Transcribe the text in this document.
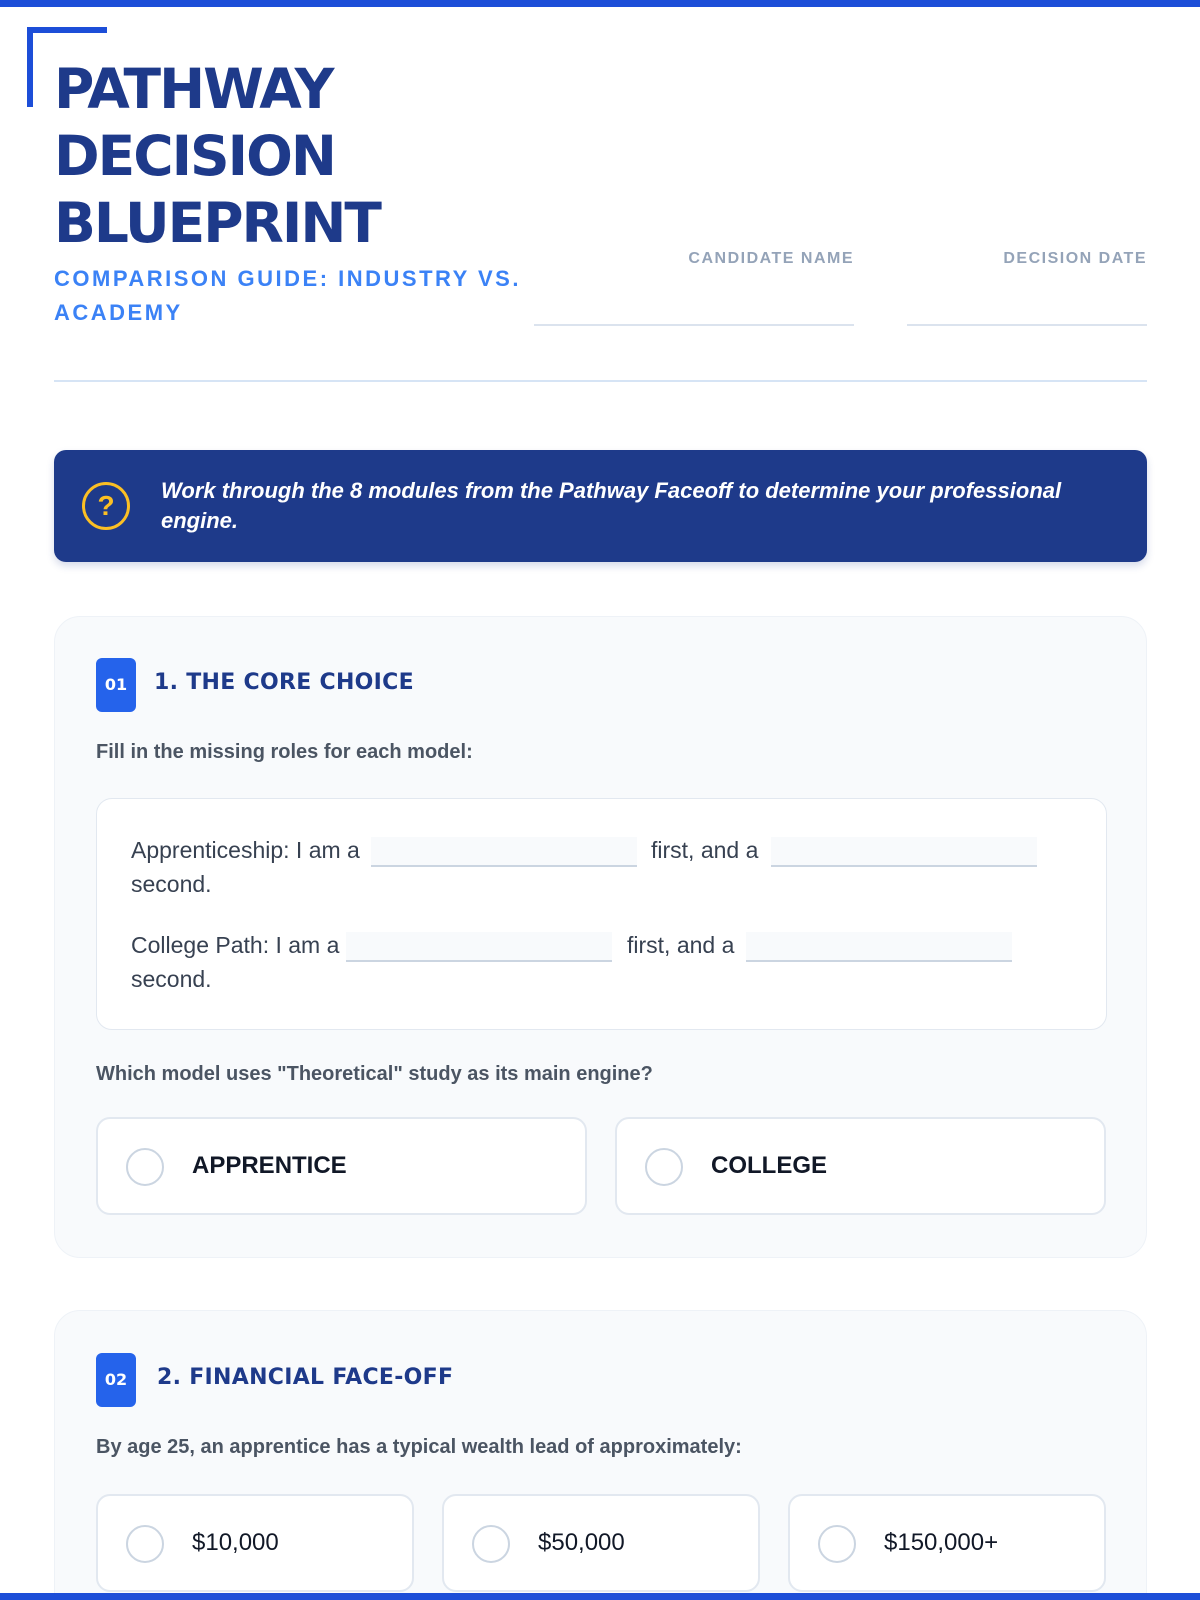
PATHWAY
DECISION
BLUEPRINT
COMPARISON GUIDE: INDUSTRY VS. ACADEMY
CANDIDATE NAME	DECISION DATE
?	Work through the 8 modules from the Pathway Faceoff to determine your professional engine.
01	1. THE CORE CHOICE
Fill in the missing roles for each model:
Apprenticeship: I am a	first, and a
second.
College Path: I am a	first, and a
second.
Which model uses "Theoretical" study as its main engine?
APPRENTICE	COLLEGE
02	2. FINANCIAL FACE-OFF
By age 25, an apprentice has a typical wealth lead of approximately:
$10,000	$50,000	$150,000+
